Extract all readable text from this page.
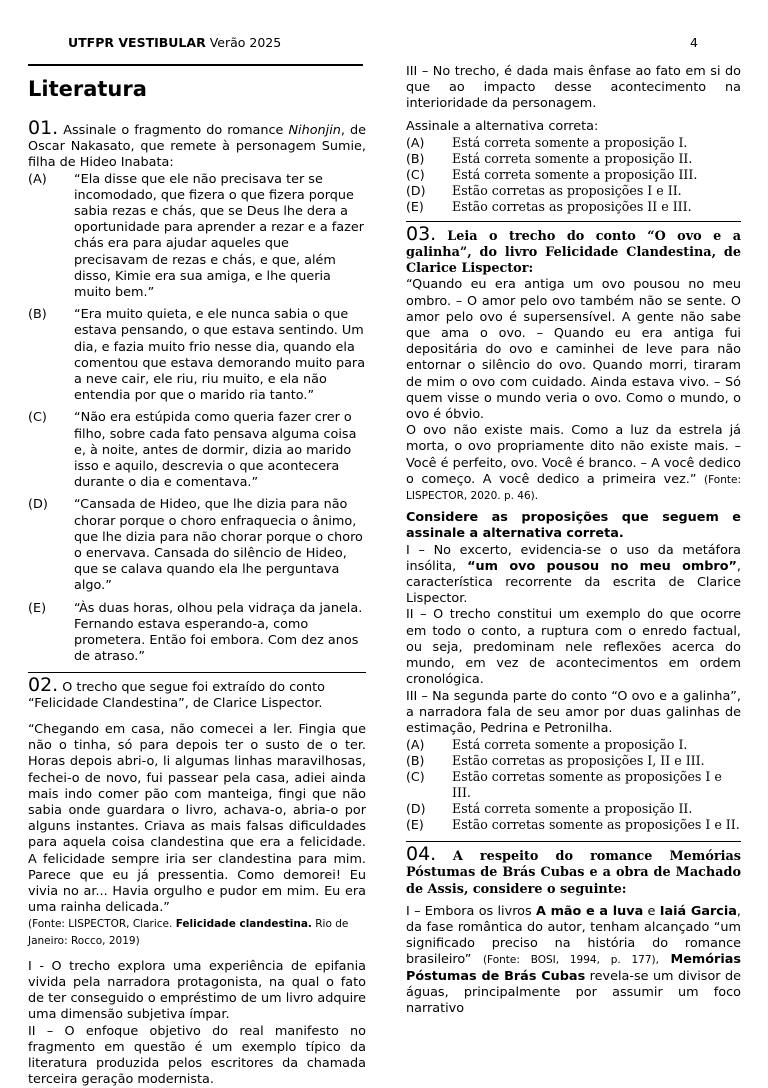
UTFPR VESTIBULAR Verão 2025	4
Literatura

01. Assinale o fragmento do romance Nihonjin, de Oscar Nakasato, que remete à personagem Sumie, filha de Hideo Inabata:

(A)	“Ela disse que ele não precisava ter se incomodado, que fizera o que fizera porque sabia rezas e chás, que se Deus lhe dera a oportunidade para aprender a rezar e a fazer chás era para ajudar aqueles que precisavam de rezas e chás, e que, além disso, Kimie era sua amiga, e lhe queria muito bem.”
(B)	“Era muito quieta, e ele nunca sabia o que estava pensando, o que estava sentindo. Um dia, e fazia muito frio nesse dia, quando ela comentou que estava demorando muito para a neve cair, ele riu, riu muito, e ela não entendia por que o marido ria tanto.”
(C)	“Não era estúpida como queria fazer crer o filho, sobre cada fato pensava alguma coisa e, à noite, antes de dormir, dizia ao marido isso e aquilo, descrevia o que acontecera durante o dia e comentava.”
(D)	“Cansada de Hideo, que lhe dizia para não chorar porque o choro enfraquecia o ânimo, que lhe dizia para não chorar porque o choro o enervava. Cansada do silêncio de Hideo, que se calava quando ela lhe perguntava algo.”
(E)	“Às duas horas, olhou pela vidraça da janela. Fernando estava esperando-a, como prometera. Então foi embora. Com dez anos de atraso.”

02. O trecho que segue foi extraído do conto “Felicidade Clandestina”, de Clarice Lispector.

“Chegando em casa, não comecei a ler. Fingia que não o tinha, só para depois ter o susto de o ter. Horas depois abri-o, li algumas linhas maravilhosas, fechei-o de novo, fui passear pela casa, adiei ainda mais indo comer pão com manteiga, fingi que não sabia onde guardara o livro, achava-o, abria-o por alguns instantes. Criava as mais falsas dificuldades para aquela coisa clandestina que era a felicidade. A felicidade sempre iria ser clandestina para mim. Parece que eu já pressentia. Como demorei! Eu vivia no ar... Havia orgulho e pudor em mim. Eu era uma rainha delicada.”

(Fonte: LISPECTOR, Clarice. Felicidade clandestina. Rio de Janeiro: Rocco, 2019)

I - O trecho explora uma experiência de epifania vivida pela narradora protagonista, na qual o fato de ter conseguido o empréstimo de um livro adquire uma dimensão subjetiva ímpar.

II – O enfoque objetivo do real manifesto no fragmento em questão é um exemplo típico da literatura produzida pelos escritores da chamada terceira geração modernista.

III – No trecho, é dada mais ênfase ao fato em si do que ao impacto desse acontecimento na interioridade da personagem.

Assinale a alternativa correta:

(A)	Está correta somente a proposição I.
(B)	Está correta somente a proposição II.
(C)	Está correta somente a proposição III.
(D)	Estão corretas as proposições I e II.
(E)	Estão corretas as proposições II e III.

03. Leia o trecho do conto “O ovo e a galinha”, do livro Felicidade Clandestina, de Clarice Lispector:

“Quando eu era antiga um ovo pousou no meu ombro. – O amor pelo ovo também não se sente. O amor pelo ovo é supersensível. A gente não sabe que ama o ovo. – Quando eu era antiga fui depositária do ovo e caminhei de leve para não entornar o silêncio do ovo. Quando morri, tiraram de mim o ovo com cuidado. Ainda estava vivo. – Só quem visse o mundo veria o ovo. Como o mundo, o ovo é óbvio.

O ovo não existe mais. Como a luz da estrela já morta, o ovo propriamente dito não existe mais. – Você é perfeito, ovo. Você é branco. – A você dedico o começo. A você dedico a primeira vez.” (Fonte: LISPECTOR, 2020. p. 46).

Considere as proposições que seguem e assinale a alternativa correta.

I – No excerto, evidencia-se o uso da metáfora insólita, “um ovo pousou no meu ombro”, característica recorrente da escrita de Clarice Lispector.

II – O trecho constitui um exemplo do que ocorre em todo o conto, a ruptura com o enredo factual, ou seja, predominam nele reflexões acerca do mundo, em vez de acontecimentos em ordem cronológica.

III – Na segunda parte do conto “O ovo e a galinha”, a narradora fala de seu amor por duas galinhas de estimação, Pedrina e Petronilha.

(A)	Está correta somente a proposição I.
(B)	Estão corretas as proposições I, II e III.
(C)	Estão corretas somente as proposições I e III.
(D)	Está correta somente a proposição II.
(E)	Estão corretas somente as proposições I e II.

04. A respeito do romance Memórias Póstumas de Brás Cubas e a obra de Machado de Assis, considere o seguinte:

I – Embora os livros A mão e a luva e Iaiá Garcia, da fase romântica do autor, tenham alcançado “um significado preciso na história do romance brasileiro” (Fonte: BOSI, 1994, p. 177), Memórias Póstumas de Brás Cubas revela-se um divisor de águas, principalmente por assumir um foco narrativo
